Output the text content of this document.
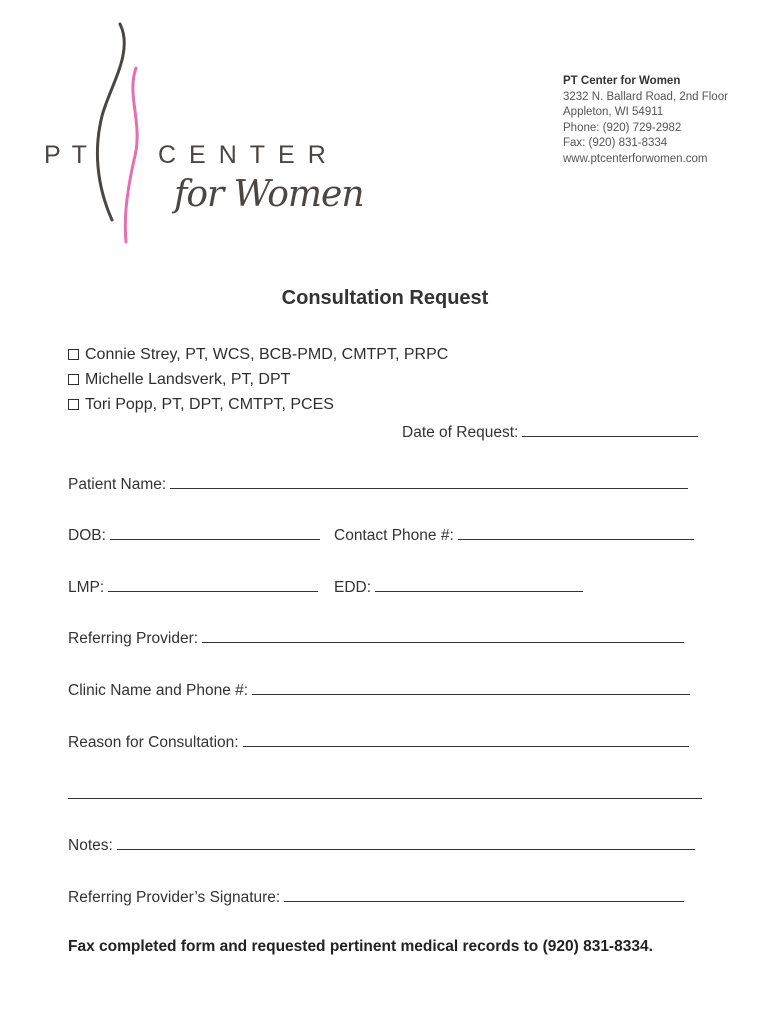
PT CENTER
for Women
PT Center for Women
3232 N. Ballard Road, 2nd Floor
Appleton, WI 54911
Phone: (920) 729-2982
Fax: (920) 831-8334
www.ptcenterforwomen.com
Consultation Request
Connie Strey, PT, WCS, BCB-PMD, CMTPT, PRPC
Michelle Landsverk, PT, DPT
Tori Popp, PT, DPT, CMTPT, PCES
Date of Request:
Patient Name:
DOB:	Contact Phone #:
LMP:	EDD:
Referring Provider:
Clinic Name and Phone #:
Reason for Consultation:
Notes:
Referring Provider’s Signature:
Fax completed form and requested pertinent medical records to (920) 831-8334.
